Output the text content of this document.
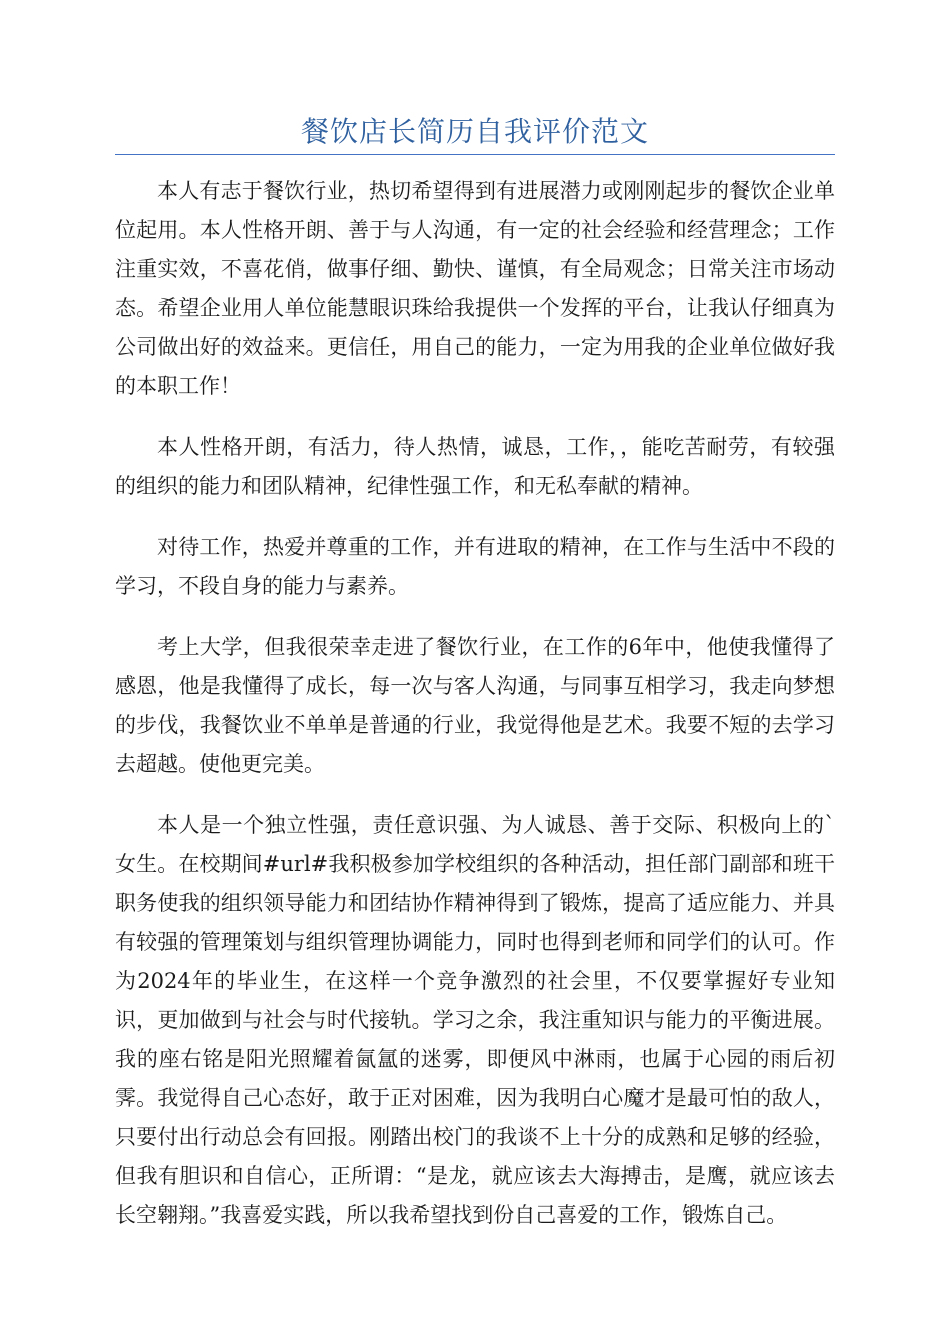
餐饮店长简历自我评价范文

本人有志于餐饮行业，热切希望得到有进展潜力或刚刚起步的餐饮企业单位起用。本人性格开朗、善于与人沟通，有一定的社会经验和经营理念；工作注重实效，不喜花俏，做事仔细、勤快、谨慎，有全局观念；日常关注市场动态。希望企业用人单位能慧眼识珠给我提供一个发挥的平台，让我认仔细真为公司做出好的效益来。更信任，用自己的能力，一定为用我的企业单位做好我的本职工作！

本人性格开朗，有活力，待人热情，诚恳，工作，，能吃苦耐劳，有较强的组织的能力和团队精神，纪律性强工作，和无私奉献的精神。

对待工作，热爱并尊重的工作，并有进取的精神，在工作与生活中不段的学习，不段自身的能力与素养。

考上大学，但我很荣幸走进了餐饮行业，在工作的6年中，他使我懂得了感恩，他是我懂得了成长，每一次与客人沟通，与同事互相学习，我走向梦想的步伐，我餐饮业不单单是普通的行业，我觉得他是艺术。我要不短的去学习去超越。使他更完美。

本人是一个独立性强，责任意识强、为人诚恳、善于交际、积极向上的`女生。在校期间#url#我积极参加学校组织的各种活动，担任部门副部和班干职务使我的组织领导能力和团结协作精神得到了锻炼，提高了适应能力、并具有较强的管理策划与组织管理协调能力，同时也得到老师和同学们的认可。作为2024年的毕业生，在这样一个竞争激烈的社会里，不仅要掌握好专业知识，更加做到与社会与时代接轨。学习之余，我注重知识与能力的平衡进展。我的座右铭是阳光照耀着氤氲的迷雾，即便风中淋雨，也属于心园的雨后初霁。我觉得自己心态好，敢于正对困难，因为我明白心魔才是最可怕的敌人，只要付出行动总会有回报。刚踏出校门的我谈不上十分的成熟和足够的经验，但我有胆识和自信心，正所谓：“是龙，就应该去大海搏击，是鹰，就应该去长空翱翔。”我喜爱实践，所以我希望找到份自己喜爱的工作，锻炼自己。
